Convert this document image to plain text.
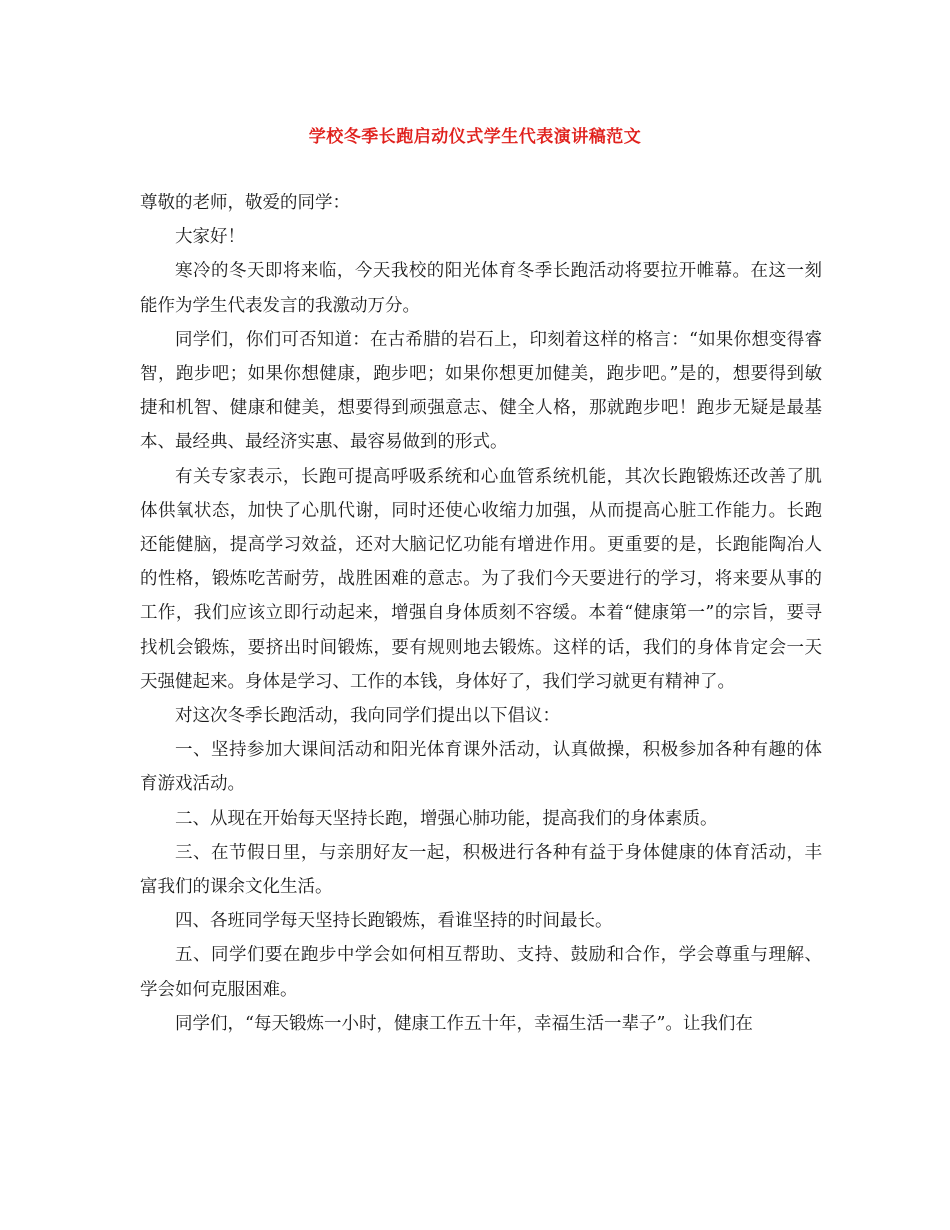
学校冬季长跑启动仪式学生代表演讲稿范文

尊敬的老师，敬爱的同学：

大家好！

寒冷的冬天即将来临，今天我校的阳光体育冬季长跑活动将要拉开帷幕。在这一刻能作为学生代表发言的我激动万分。

同学们，你们可否知道：在古希腊的岩石上，印刻着这样的格言：“如果你想变得睿智，跑步吧；如果你想健康，跑步吧；如果你想更加健美，跑步吧。”是的，想要得到敏捷和机智、健康和健美，想要得到顽强意志、健全人格，那就跑步吧！跑步无疑是最基本、最经典、最经济实惠、最容易做到的形式。

有关专家表示，长跑可提高呼吸系统和心血管系统机能，其次长跑锻炼还改善了肌体供氧状态，加快了心肌代谢，同时还使心收缩力加强，从而提高心脏工作能力。长跑还能健脑，提高学习效益，还对大脑记忆功能有增进作用。更重要的是，长跑能陶冶人的性格，锻炼吃苦耐劳，战胜困难的意志。为了我们今天要进行的学习，将来要从事的工作，我们应该立即行动起来，增强自身体质刻不容缓。本着“健康第一”的宗旨，要寻找机会锻炼，要挤出时间锻炼，要有规则地去锻炼。这样的话，我们的身体肯定会一天天强健起来。身体是学习、工作的本钱，身体好了，我们学习就更有精神了。

对这次冬季长跑活动，我向同学们提出以下倡议：

一、坚持参加大课间活动和阳光体育课外活动，认真做操，积极参加各种有趣的体育游戏活动。

二、从现在开始每天坚持长跑，增强心肺功能，提高我们的身体素质。

三、在节假日里，与亲朋好友一起，积极进行各种有益于身体健康的体育活动，丰富我们的课余文化生活。

四、各班同学每天坚持长跑锻炼，看谁坚持的时间最长。

五、同学们要在跑步中学会如何相互帮助、支持、鼓励和合作，学会尊重与理解、学会如何克服困难。

同学们，“每天锻炼一小时，健康工作五十年，幸福生活一辈子”。让我们在
